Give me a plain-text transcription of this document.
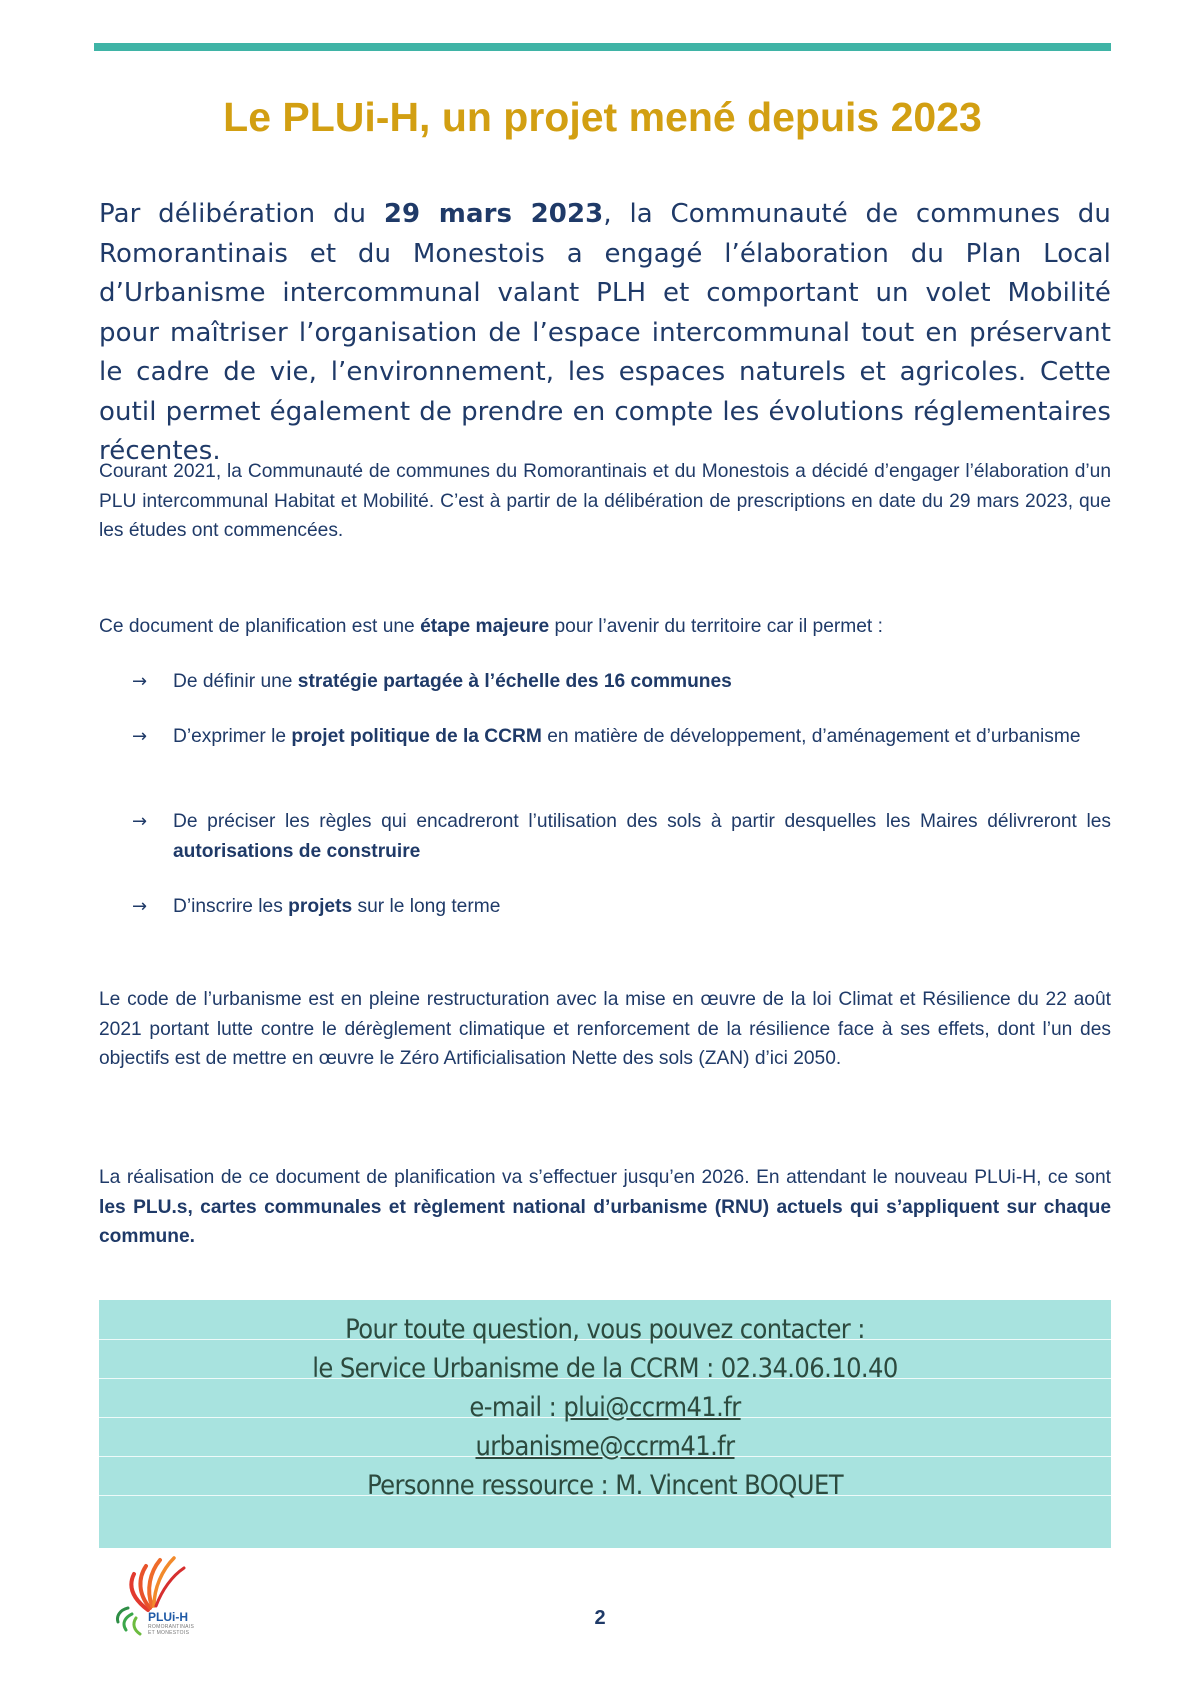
Le PLUi-H, un projet mené depuis 2023

Par délibération du 29 mars 2023, la Communauté de communes du Romorantinais et du Monestois a engagé l’élaboration du Plan Local d’Urbanisme intercommunal valant PLH et comportant un volet Mobilité pour maîtriser l’organisation de l’espace intercommunal tout en préservant le cadre de vie, l’environnement, les espaces naturels et agricoles. Cette outil permet également de prendre en compte les évolutions réglementaires récentes.

Courant 2021, la Communauté de communes du Romorantinais et du Monestois a décidé d’engager l’élaboration d’un PLU intercommunal Habitat et Mobilité. C’est à partir de la délibération de prescriptions en date du 29 mars 2023, que les études ont commencées.

Ce document de planification est une étape majeure pour l’avenir du territoire car il permet :

→	De définir une stratégie partagée à l’échelle des 16 communes
→	D’exprimer le projet politique de la CCRM en matière de développement, d’aménagement et d’urbanisme
→	De préciser les règles qui encadreront l’utilisation des sols à partir desquelles les Maires délivreront les autorisations de construire
→	D’inscrire les projets sur le long terme

Le code de l’urbanisme est en pleine restructuration avec la mise en œuvre de la loi Climat et Résilience du 22 août 2021 portant lutte contre le dérèglement climatique et renforcement de la résilience face à ses effets, dont l’un des objectifs est de mettre en œuvre le Zéro Artificialisation Nette des sols (ZAN) d’ici 2050.

La réalisation de ce document de planification va s’effectuer jusqu’en 2026. En attendant le nouveau PLUi-H, ce sont les PLU.s, cartes communales et règlement national d’urbanisme (RNU) actuels qui s’appliquent sur chaque commune.

Pour toute question, vous pouvez contacter :
le Service Urbanisme de la CCRM : 02.34.06.10.40
e-mail : plui@ccrm41.fr
urbanisme@ccrm41.fr
Personne ressource : M. Vincent BOQUET
PLUi-H
ROMORANTINAIS
ET MONESTOIS
2
